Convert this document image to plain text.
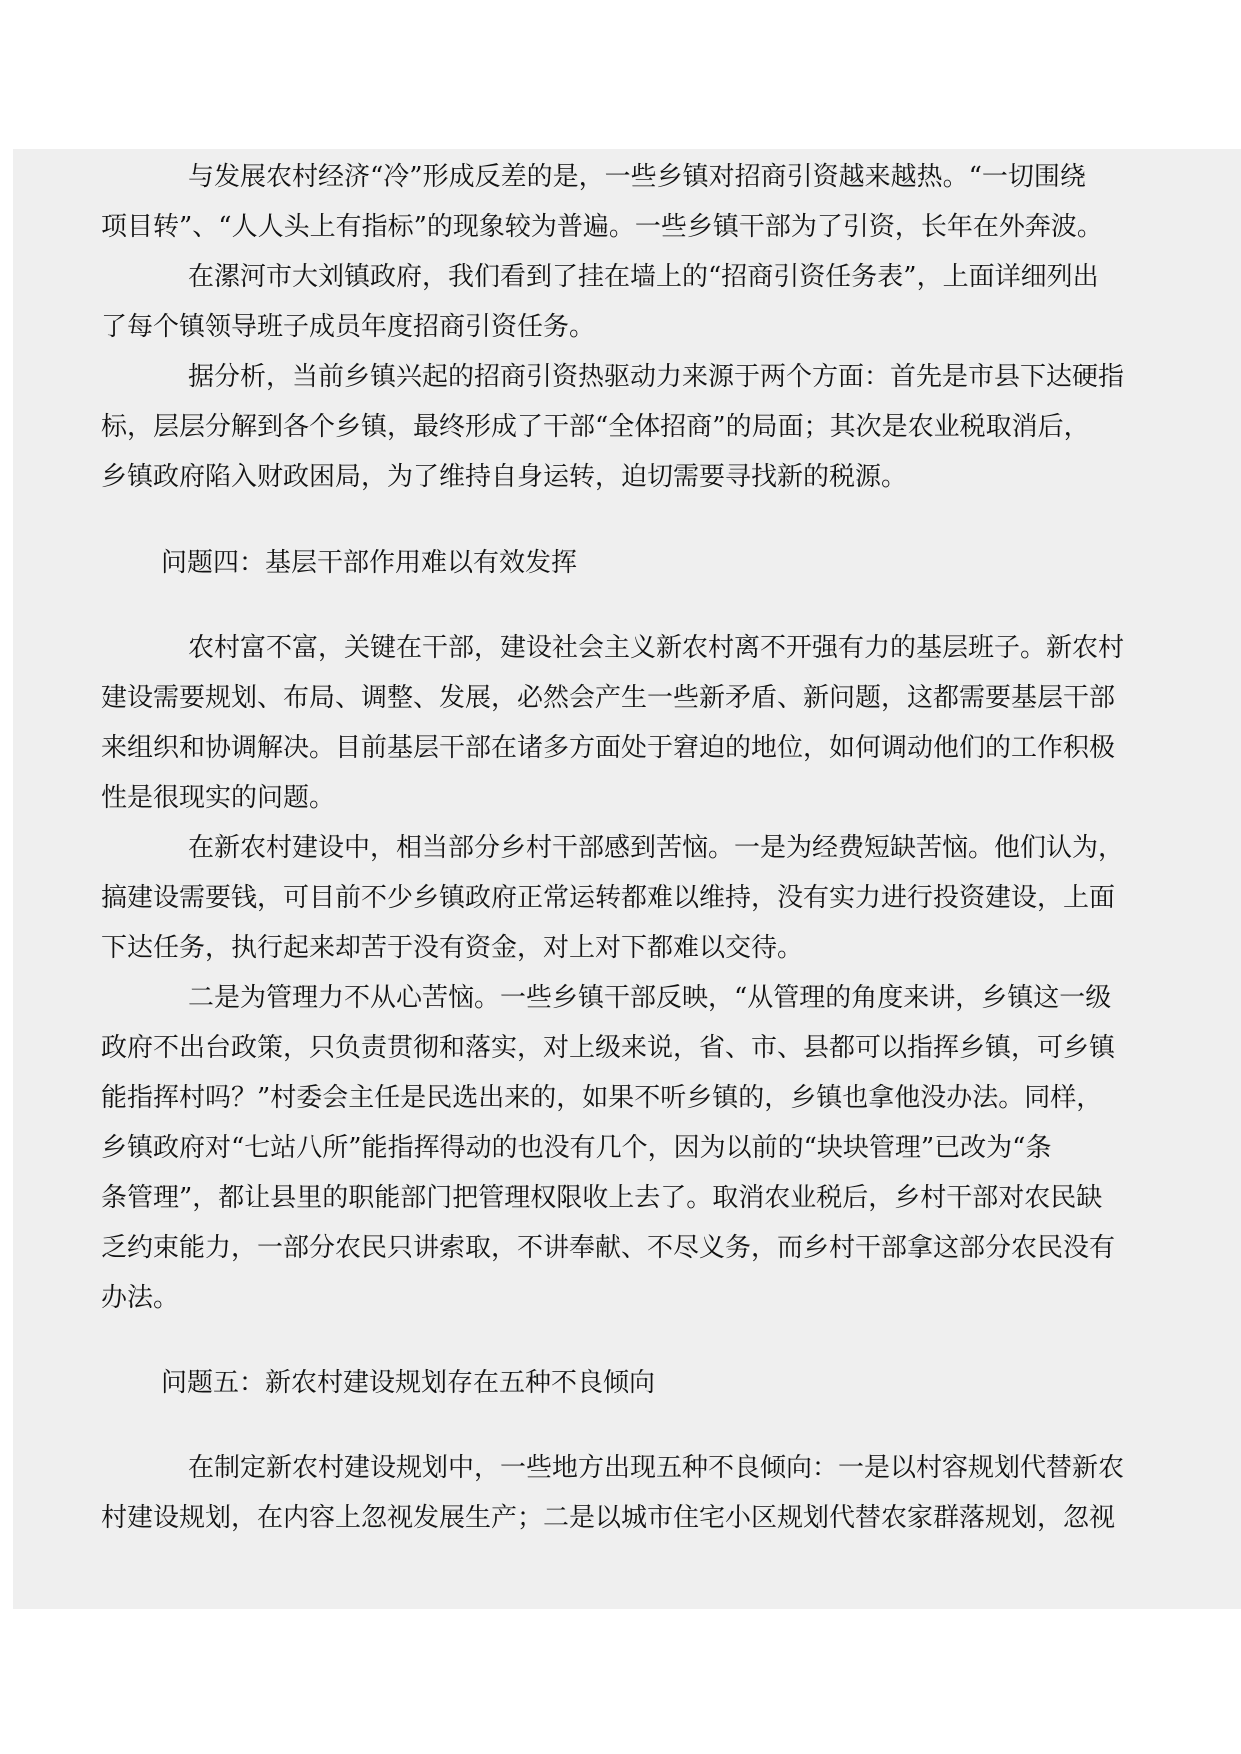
与发展农村经济“冷”形成反差的是，一些乡镇对招商引资越来越热。“一切围绕
项目转”、“人人头上有指标”的现象较为普遍。一些乡镇干部为了引资，长年在外奔波。
在漯河市大刘镇政府，我们看到了挂在墙上的“招商引资任务表”，上面详细列出
了每个镇领导班子成员年度招商引资任务。
据分析，当前乡镇兴起的招商引资热驱动力来源于两个方面：首先是市县下达硬指
标，层层分解到各个乡镇，最终形成了干部“全体招商”的局面；其次是农业税取消后，
乡镇政府陷入财政困局，为了维持自身运转，迫切需要寻找新的税源。
问题四：基层干部作用难以有效发挥
农村富不富，关键在干部，建设社会主义新农村离不开强有力的基层班子。新农村
建设需要规划、布局、调整、发展，必然会产生一些新矛盾、新问题，这都需要基层干部
来组织和协调解决。目前基层干部在诸多方面处于窘迫的地位，如何调动他们的工作积极
性是很现实的问题。
在新农村建设中，相当部分乡村干部感到苦恼。一是为经费短缺苦恼。他们认为，
搞建设需要钱，可目前不少乡镇政府正常运转都难以维持，没有实力进行投资建设，上面
下达任务，执行起来却苦于没有资金，对上对下都难以交待。
二是为管理力不从心苦恼。一些乡镇干部反映，“从管理的角度来讲，乡镇这一级
政府不出台政策，只负责贯彻和落实，对上级来说，省、市、县都可以指挥乡镇，可乡镇
能指挥村吗？”村委会主任是民选出来的，如果不听乡镇的，乡镇也拿他没办法。同样，
乡镇政府对“七站八所”能指挥得动的也没有几个，因为以前的“块块管理”已改为“条
条管理”，都让县里的职能部门把管理权限收上去了。取消农业税后，乡村干部对农民缺
乏约束能力，一部分农民只讲索取，不讲奉献、不尽义务，而乡村干部拿这部分农民没有
办法。
问题五：新农村建设规划存在五种不良倾向
在制定新农村建设规划中，一些地方出现五种不良倾向：一是以村容规划代替新农
村建设规划，在内容上忽视发展生产；二是以城市住宅小区规划代替农家群落规划，忽视
